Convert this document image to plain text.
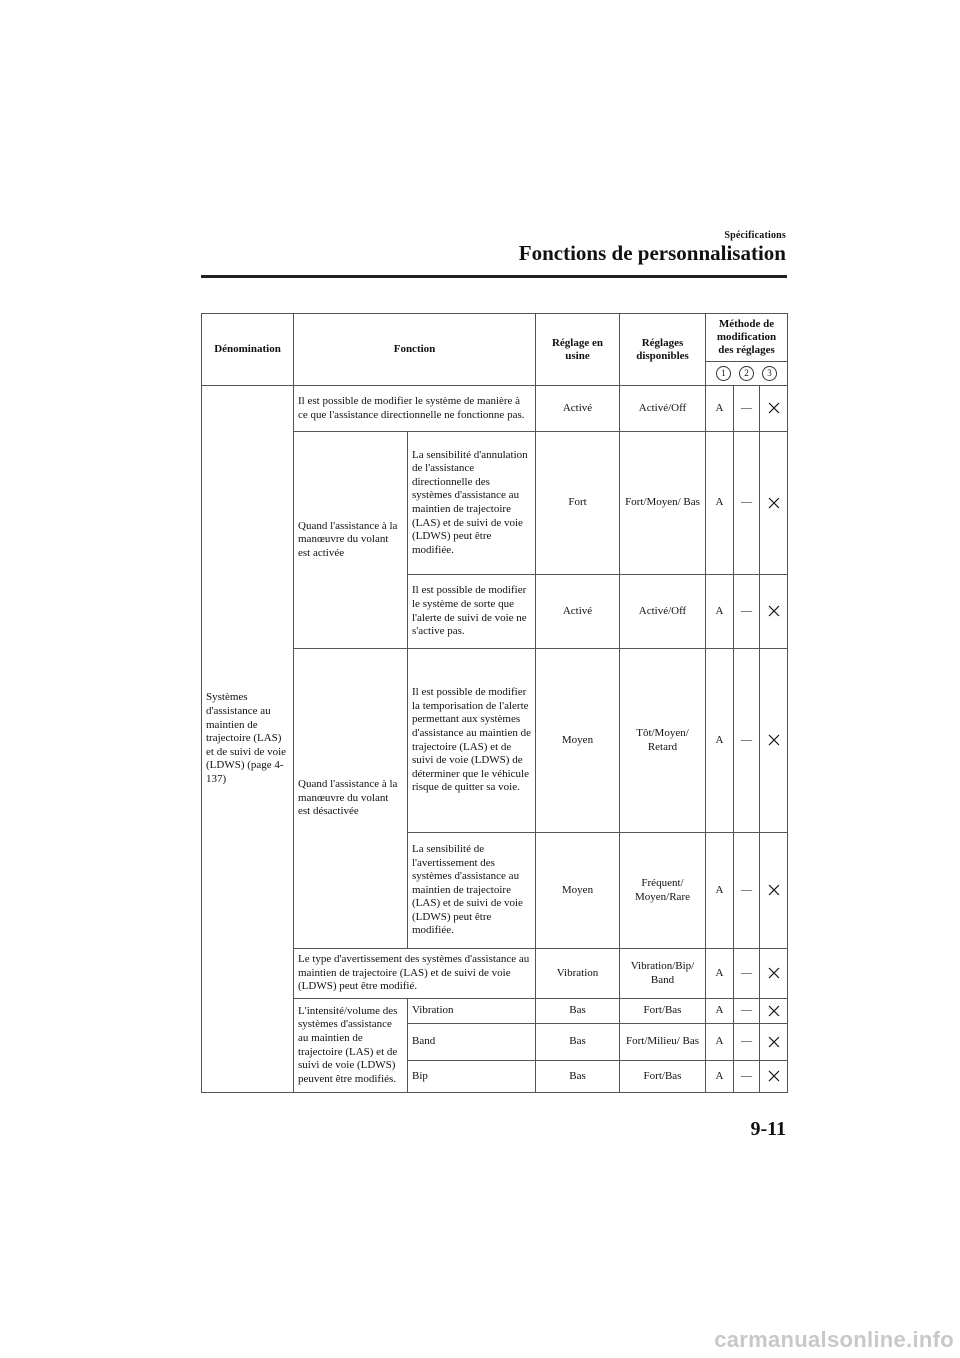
Spécifications
Fonctions de personnalisation
Dénomination	Fonction		Réglage en usine	Réglages disponibles	Méthode de modification des réglages		
					1 2 3		
Systèmes d'assistance au maintien de trajectoire (LAS) et de suivi de voie (LDWS) (page 4-137)	Il est possible de modifier le système de manière à ce que l'assistance directionnelle ne fonctionne pas.		Activé	Activé/Off	A	—	
	Quand l'assistance à la manœuvre du volant est activée	La sensibilité d'annulation de l'assistance directionnelle des systèmes d'assistance au maintien de trajectoire (LAS) et de suivi de voie (LDWS) peut être modifiée.	Fort	Fort/Moyen/ Bas	A	—	
		Il est possible de modifier le système de sorte que l'alerte de suivi de voie ne s'active pas.	Activé	Activé/Off	A	—	
	Quand l'assistance à la manœuvre du volant est désactivée	Il est possible de modifier la temporisation de l'alerte permettant aux systèmes d'assistance au maintien de trajectoire (LAS) et de suivi de voie (LDWS) de déterminer que le véhicule risque de quitter sa voie.	Moyen	Tôt/Moyen/ Retard	A	—	
		La sensibilité de l'avertissement des systèmes d'assistance au maintien de trajectoire (LAS) et de suivi de voie (LDWS) peut être modifiée.	Moyen	Fréquent/ Moyen/Rare	A	—	
	Le type d'avertissement des systèmes d'assistance au maintien de trajectoire (LAS) et de suivi de voie (LDWS) peut être modifié.		Vibration	Vibration/Bip/ Band	A	—	
	L'intensité/volume des systèmes d'assistance au maintien de trajectoire (LAS) et de suivi de voie (LDWS) peuvent être modifiés.	Vibration	Bas	Fort/Bas	A	—	
		Band	Bas	Fort/Milieu/ Bas	A	—	
		Bip	Bas	Fort/Bas	A	—	
9-11
carmanualsonline.info
